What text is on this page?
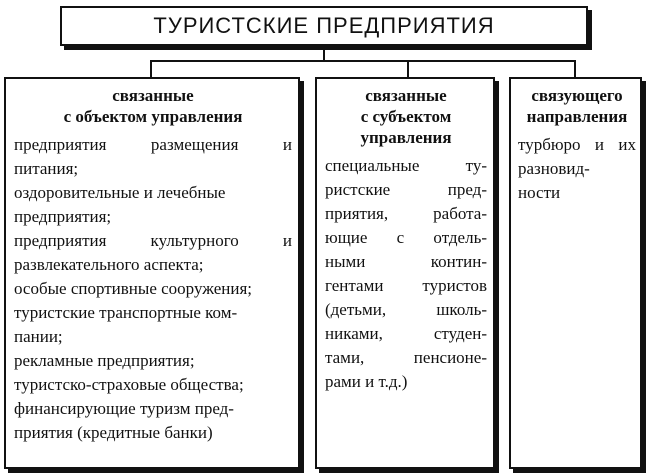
ТУРИСТСКИЕ ПРЕДПРИЯТИЯ
связанные
с объектом управления
предприятия размещения и
питания;
оздоровительные и лечебные
предприятия;
предприятия культурного и
развлекательного аспекта;
особые спортивные сооружения;
туристские транспортные ком-
пании;
рекламные предприятия;
туристско-страховые общества;
финансирующие туризм пред-
приятия (кредитные банки)
связанные
с субъектом
управления
специальные ту-
ристские пред-
приятия, работа-
ющие с отдель-
ными контин-
гентами туристов
(детьми, школь-
никами, студен-
тами, пенсионе-
рами и т.д.)
связующего
направления
турбюро и их
разновид-
ности
